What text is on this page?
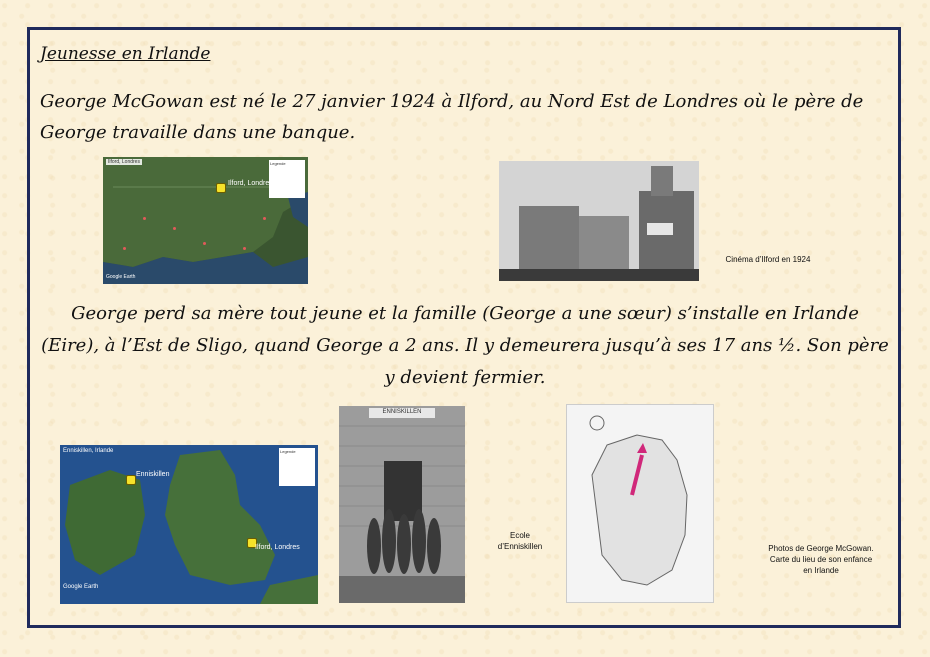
Jeunesse en Irlande
George McGowan est né le 27 janvier 1924 à Ilford, au Nord Est de Londres où le père de George travaille dans une banque.
Ilford, Londres	Legende
Ilford, Londres
Google Earth
Cinéma d’Ilford en 1924
George perd sa mère tout jeune et la famille (George a une sœur) s’installe en Irlande (Eire), à l’Est de Sligo, quand George a 2 ans. Il y demeurera jusqu’à ses 17 ans ½. Son père y devient fermier.
Enniskillen, Irlande	Legende
Enniskillen
Ilford, Londres
Google Earth
ENNISKILLEN
Ecole
d’Enniskillen	Photos de George McGowan.
Carte du lieu de son enfance
en Irlande
